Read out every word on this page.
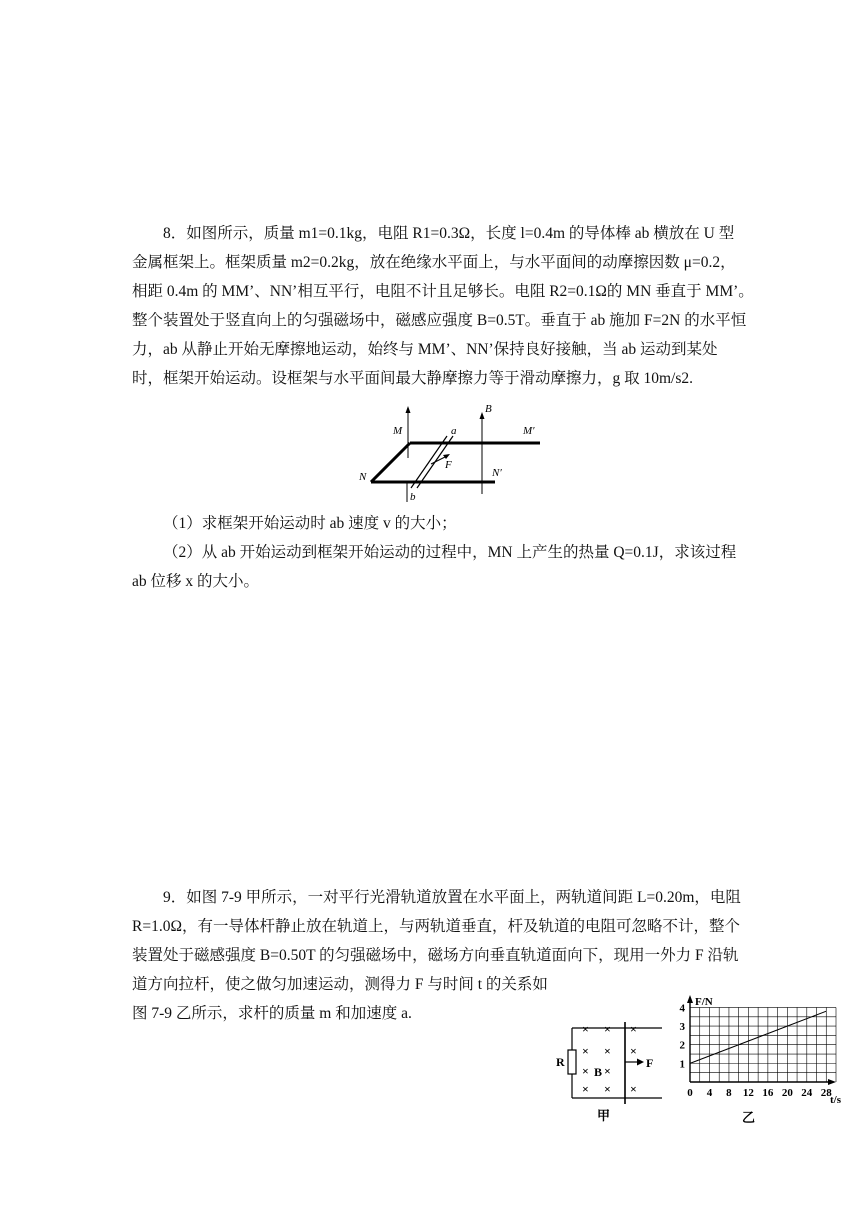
8．如图所示，质量 m1=0.1kg，电阻 R1=0.3Ω，长度 l=0.4m 的导体棒 ab 横放在 U 型
金属框架上。框架质量 m2=0.2kg，放在绝缘水平面上，与水平面间的动摩擦因数 μ=0.2，
相距 0.4m 的 MM’、NN’相互平行，电阻不计且足够长。电阻 R2=0.1Ω的 MN 垂直于 MM’。
整个装置处于竖直向上的匀强磁场中，磁感应强度 B=0.5T。垂直于 ab 施加 F=2N 的水平恒
力，ab 从静止开始无摩擦地运动，始终与 MM’、NN’保持良好接触，当 ab 运动到某处
时，框架开始运动。设框架与水平面间最大静摩擦力等于滑动摩擦力，g 取 10m/s2.
M
B
a	M′
F
N	N′
b
（1）求框架开始运动时 ab 速度 v 的大小；
（2）从 ab 开始运动到框架开始运动的过程中，MN 上产生的热量 Q=0.1J，求该过程
ab 位移 x 的大小。
9．如图 7-9 甲所示，一对平行光滑轨道放置在水平面上，两轨道间距 L=0.20m，电阻
R=1.0Ω，有一导体杆静止放在轨道上，与两轨道垂直，杆及轨道的电阻可忽略不计，整个
装置处于磁感强度 B=0.50T 的匀强磁场中，磁场方向垂直轨道面向下，现用一外力 F 沿轨
道方向拉杆，使之做匀加速运动，测得力 F 与时间 t 的关系如
图 7-9 乙所示，求杆的质量 m 和加速度 a.
× × ×
× × ×
× ×
× × ×
R
B
F
甲
0 4 8 12 16 20 24 28
1
2
3
4
F/N
t/s
乙
